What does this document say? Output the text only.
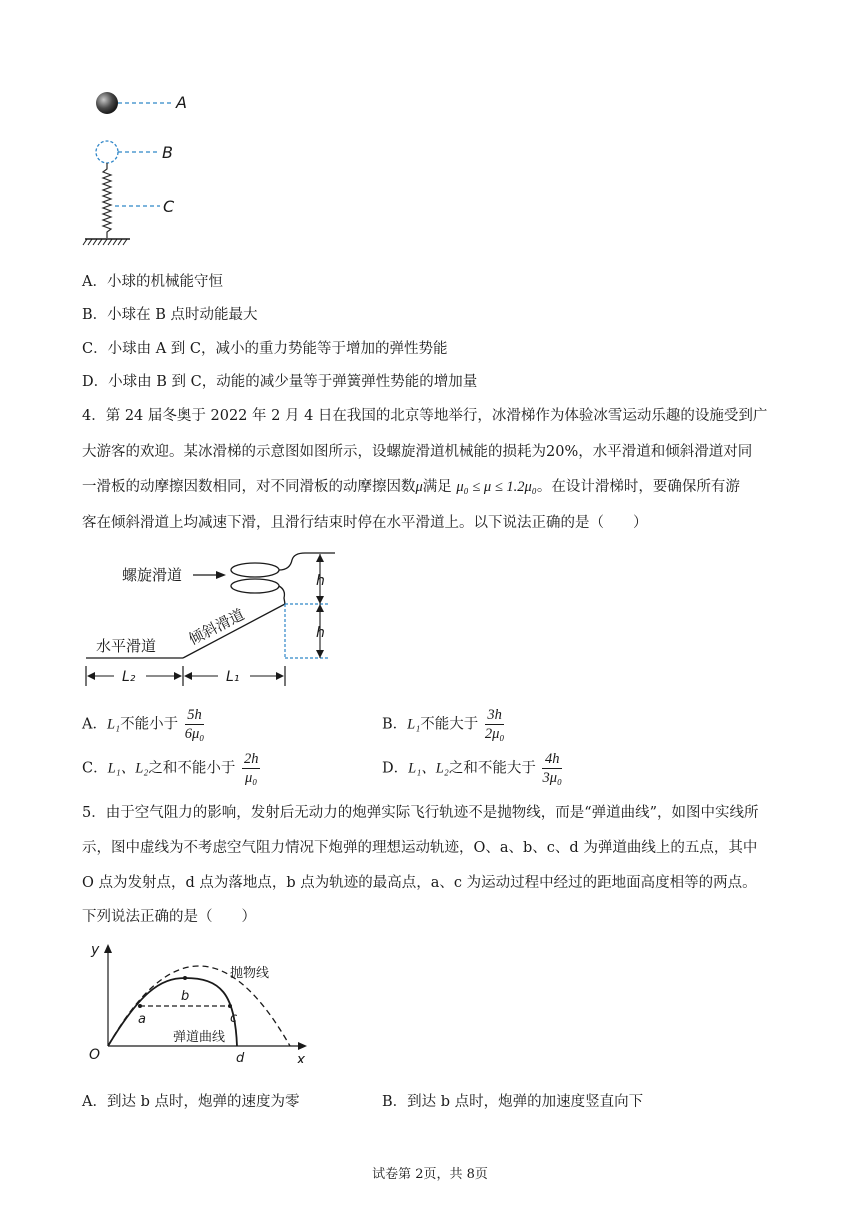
A
B
C
A．小球的机械能守恒
B．小球在 B 点时动能最大
C．小球由 A 到 C，减小的重力势能等于增加的弹性势能
D．小球由 B 到 C，动能的减少量等于弹簧弹性势能的增加量
4．第 24 届冬奥于 2022 年 2 月 4 日在我国的北京等地举行，冰滑梯作为体验冰雪运动乐趣的设施受到广
大游客的欢迎。某冰滑梯的示意图如图所示，设螺旋滑道机械能的损耗为20%，水平滑道和倾斜滑道对同
一滑板的动摩擦因数相同，对不同滑板的动摩擦因数μ满足 μ₀ ≤ μ ≤ 1.2μ₀。在设计滑梯时，要确保所有游
客在倾斜滑道上均减速下滑，且滑行结束时停在水平滑道上。以下说法正确的是（　　）
螺旋滑道
倾斜滑道
水平滑道
h
h
L₂	L₁
A．L₁不能小于 $\frac{5h}{\text{6μ₀}}$	B．L₁不能大于 $\frac{3h}{\text{2μ₀}}$
C．L₁、L₂之和不能小于 $\frac{2h}{\text{μ₀}}$	D．L₁、L₂之和不能大于 $\frac{4h}{\text{3μ₀}}$
5．由于空气阻力的影响，发射后无动力的炮弹实际飞行轨迹不是抛物线，而是“弹道曲线”，如图中实线所
示，图中虚线为不考虑空气阻力情况下炮弹的理想运动轨迹，O、a、b、c、d 为弹道曲线上的五点，其中
O 点为发射点，d 点为落地点，b 点为轨迹的最高点，a、c 为运动过程中经过的距地面高度相等的两点。
下列说法正确的是（　　）
y
x
O
a
b
c
d
抛物线
弹道曲线
A．到达 b 点时，炮弹的速度为零	B．到达 b 点时，炮弹的加速度竖直向下
试卷第 2页，共 8页
